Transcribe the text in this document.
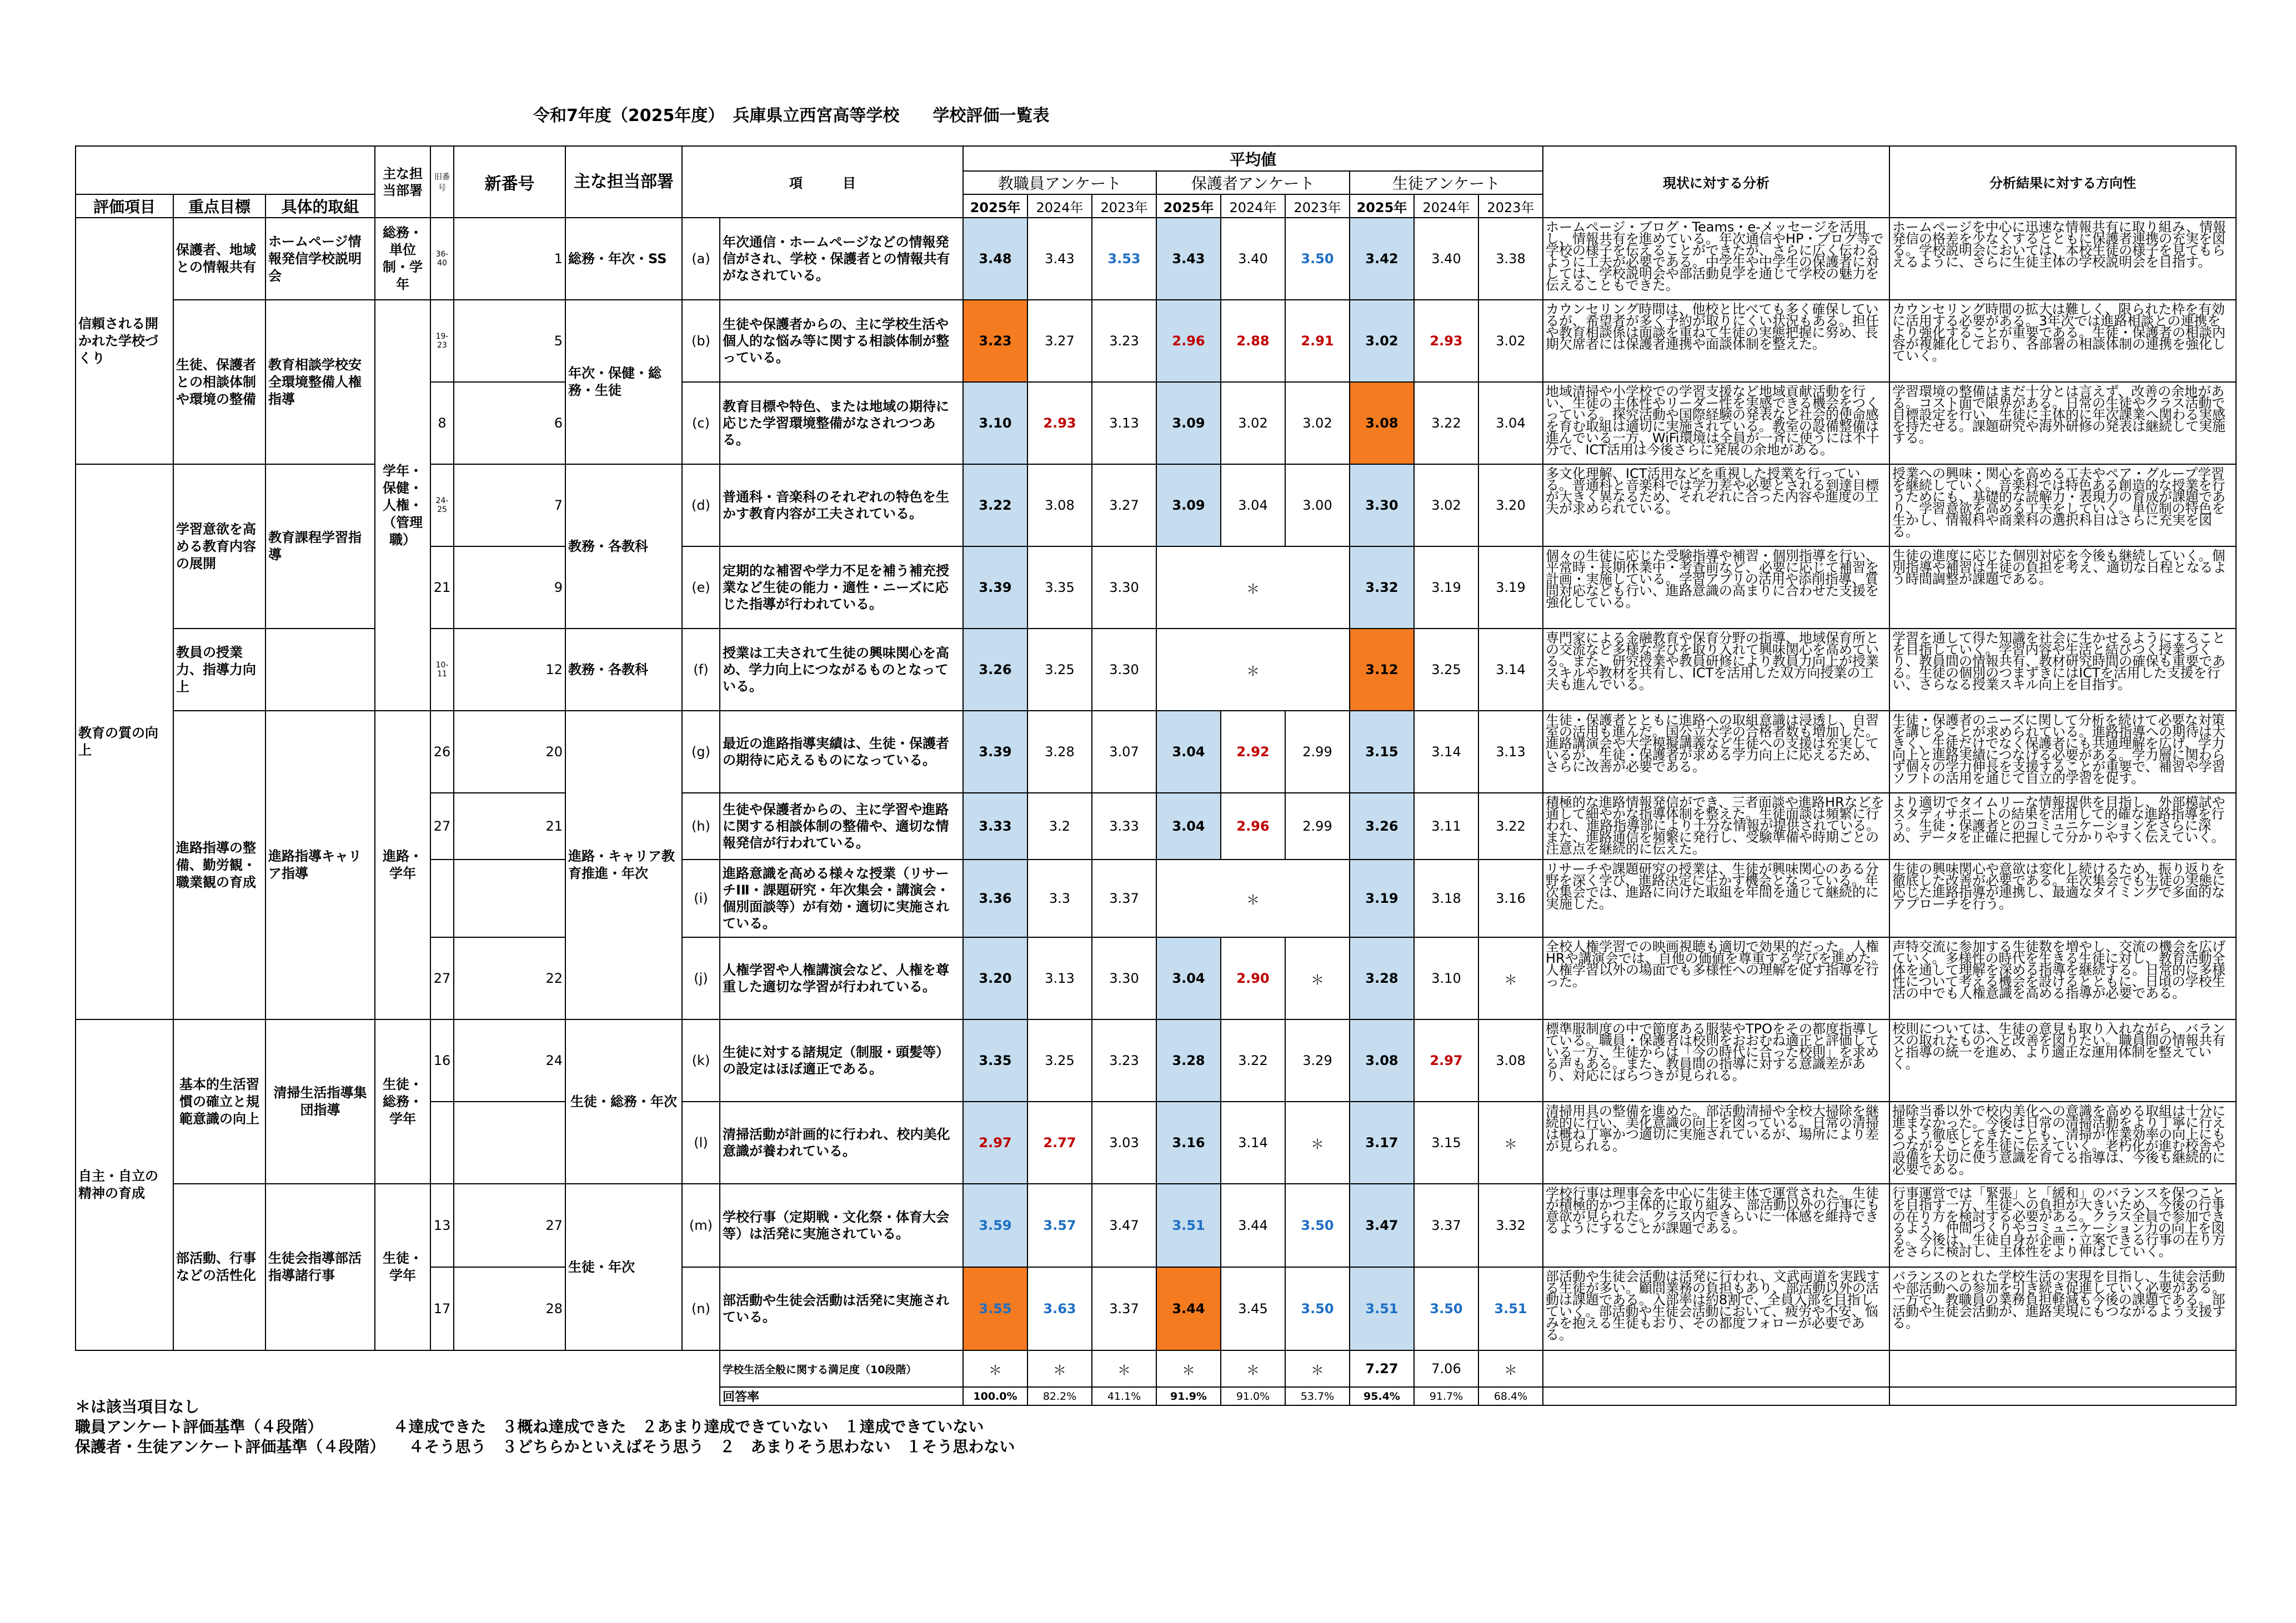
令和7年度（2025年度）　兵庫県立西宮高等学校　　学校評価一覧表
			主な担当部署	旧番号	新番号	主な担当部署	項　　　目		平均値									現状に対する分析	分析結果に対する方向性
									教職員アンケート			保護者アンケート			生徒アンケート				
評価項目	重点目標	具体的取組							2025年	2024年	2023年	2025年	2024年	2023年	2025年	2024年	2023年		
信頼される開かれた学校づくり	保護者、地域との情報共有	ホームページ情報発信学校説明会	総務・単位制・学年	36-40	1	総務・年次・SS	(a)	年次通信・ホームページなどの情報発信がされ、学校・保護者との情報共有がなされている。	3.48	3.43	3.53	3.43	3.40	3.50	3.42	3.40	3.38	ホームページ・ブログ・Teams・e-メッセージを活用し、情報共有を進めている。年次通信やHP・ブログ等で学校の様子を伝えることができたが、さらに広く伝わるように工夫が必要である。中学生や中学生の保護者に対しては、学校説明会や部活動見学を通じて学校の魅力を伝えることもできた。	ホームページを中心に迅速な情報共有に取り組み、情報発信の格差を少なくするとともに保護者連携の充実を図る。学校説明会においては、本校生徒の様子を見てもらえるように、さらに生徒主体の学校説明会を目指す。
	生徒、保護者との相談体制や環境の整備	教育相談学校安全環境整備人権指導	学年・保健・人権・（管理職）	19-23	5	年次・保健・総務・生徒	(b)	生徒や保護者からの、主に学校生活や個人的な悩み等に関する相談体制が整っている。	3.23	3.27	3.23	2.96	2.88	2.91	3.02	2.93	3.02	カウンセリング時間は、他校と比べても多く確保しているが、希望者が多く予約が取りにくい状況もある。担任や教育相談係は面談を重ねて生徒の実態把握に努め、長期欠席者には保護者連携や面談体制を整えた。	カウンセリング時間の拡大は難しく、限られた枠を有効に活用する必要がある。3年次では進路相談との連携をより強化することが重要である。生徒・保護者の相談内容が複雑化しており、各部署の相談体制の連携を強化していく。
				8	6		(c)	教育目標や特色、または地域の期待に応じた学習環境整備がなされつつある。	3.10	2.93	3.13	3.09	3.02	3.02	3.08	3.22	3.04	地域清掃や小学校での学習支援など地域貢献活動を行い、生徒の主体性やリーダー性を実感できる機会をつくっている。探究活動や国際経験の発表など社会的使命感を育む取組は適切に実施されている。教室の設備整備は進んでいる一方、WiFi環境は全員が一斉に使うには不十分で、ICT活用は今後さらに発展の余地がある。	学習環境の整備はまだ十分とは言えず、改善の余地がある。コスト面で限界がある。日常の生徒やクラス活動で目標設定を行い、生徒に主体的に年次課業へ関わる実感を持たせる。課題研究や海外研修の発表は継続して実施する。
教育の質の向上	学習意欲を高める教育内容の展開	教育課程学習指導		24-25	7	教務・各教科	(d)	普通科・音楽科のそれぞれの特色を生かす教育内容が工夫されている。	3.22	3.08	3.27	3.09	3.04	3.00	3.30	3.02	3.20	多文化理解、ICT活用などを重視した授業を行っている。普通科と音楽科では学力差や必要とされる到達目標が大きく異なるため、それぞれに合った内容や進度の工夫が求められている。	授業への興味・関心を高める工夫やペア・グループ学習を継続していく。音楽科では特色ある創造的な授業を行うためにも、基礎的な読解力・表現力の育成が課題であり、学習意欲を高める工夫をしていく。単位制の特色を生かし、情報科や商業科の選択科目はさらに充実を図る。
				21	9		(e)	定期的な補習や学力不足を補う補充授業など生徒の能力・適性・ニーズに応じた指導が行われている。	3.39	3.35	3.30	＊			3.32	3.19	3.19	個々の生徒に応じた受験指導や補習・個別指導を行い、平常時・長期休業中・考査前など、必要に応じて補習を計画・実施している。学習アプリの活用や添削指導、質問対応なども行い、進路意識の高まりに合わせた支援を強化している。	生徒の進度に応じた個別対応を今後も継続していく。個別指導や補習は生徒の負担を考え、適切な日程となるよう時間調整が課題である。
	教員の授業力、指導力向上			10-11	12	教務・各教科	(f)	授業は工夫されて生徒の興味関心を高め、学力向上につながるものとなっている。	3.26	3.25	3.30	＊			3.12	3.25	3.14	専門家による金融教育や保育分野の指導、地域保育所との交流など多様な学びを取り入れて興味関心を高めている。また、研究授業や教員研修により教員力向上が授業スキルや教材を共有し、ICTを活用した双方向授業の工夫も進んでいる。	学習を通して得た知識を社会に生かせるようにすることを目指していく。学習内容や生活と結びつく授業づくり、教員間の情報共有、教材研究時間の確保も重要である。生徒の個別のつまずきにはICTを活用した支援を行い、さらなる授業スキル向上を目指す。
	進路指導の整備、勤労観・職業観の育成	進路指導キャリア指導	進路・学年	26	20	進路・キャリア教育推進・年次	(g)	最近の進路指導実績は、生徒・保護者の期待に応えるものになっている。	3.39	3.28	3.07	3.04	2.92	2.99	3.15	3.14	3.13	生徒・保護者とともに進路への取組意識は浸透し、自習室の活用も進んだ。国公立大学の合格者数も増加した。進路講演会や大学模擬講義など生徒への支援は充実しているが、生徒・保護者が求める学力向上に応えるため、さらに改善が必要である。	生徒・保護者のニーズに関して分析を続けて必要な対策を講じることが求められている。進路指導への期待は大きく、生徒だけでなく保護者にも共通理解を広げ、学力向上と進路実績につなげる必要がある。学力層に関わらず個々の学力伸長を支援することが重要で、補習や学習ソフトの活用を通じて自立的学習を促す。
				27	21		(h)	生徒や保護者からの、主に学習や進路に関する相談体制の整備や、適切な情報発信が行われている。	3.33	3.2	3.33	3.04	2.96	2.99	3.26	3.11	3.22	積極的な進路情報発信ができ、三者面談や進路HRなどを通して細やかな指導体制を整えた。生徒面談は頻繁に行われ、進路指導部により十分な情報が提供されている。また、進路通信を頻繁に発行し、受験準備や時期ごとの注意点を継続的に伝えた。	より適切でタイムリーな情報提供を目指し、外部模試やスタディサポートの結果を活用して的確な進路指導を行う。生徒・保護者とのコミュニケーションをさらに深め、データを正確に把握して分かりやすく伝えていく。
							(i)	進路意識を高める様々な授業（リサーチⅠⅡ・課題研究・年次集会・講演会・個別面談等）が有効・適切に実施されている。	3.36	3.3	3.37	＊			3.19	3.18	3.16	リサーチや課題研究の授業は、生徒が興味関心のある分野を深く学び、進路決定に生かす機会となっている。年次集会では、進路に向けた取組を年間を通じて継続的に実施した。	生徒の興味関心や意欲は変化し続けるため、振り返りを徹底した改善が必要である。年次集会でも生徒の実態に応じた進路指導が連携し、最適なタイミングで多面的なアプローチを行う。
				27	22		(j)	人権学習や人権講演会など、人権を尊重した適切な学習が行われている。	3.20	3.13	3.30	3.04	2.90	＊	3.28	3.10	＊	全校人権学習での映画視聴も適切で効果的だった。人権HRや講演会では、自他の価値を尊重する学びを進めた。人権学習以外の場面でも多様性への理解を促す指導を行った。	声特交流に参加する生徒数を増やし、交流の機会を広げていく。多様性の時代を生きる生徒に対し、教育活動全体を通して理解を深める指導を継続する。日常的に多様性について考える機会を設けるとともに、日頃の学校生活の中でも人権意識を高める指導が必要である。
自主・自立の精神の育成	基本的生活習慣の確立と規範意識の向上	清掃生活指導集団指導	生徒・総務・学年	16	24	生徒・総務・年次	(k)	生徒に対する諸規定（制服・頭髪等）の設定はほぼ適正である。	3.35	3.25	3.23	3.28	3.22	3.29	3.08	2.97	3.08	標準服制度の中で節度ある服装やTPOをその都度指導している。職員・保護者は校則をおおむね適正と評価している一方、生徒からは「今の時代に合った校則」を求める声もある。また、教員間の指導に対する意識差があり、対応にばらつきが見られる。	校則については、生徒の意見も取り入れながら、バランスの取れたものへと改善を図りたい。職員間の情報共有と指導の統一を進め、より適正な運用体制を整えていく。
							(l)	清掃活動が計画的に行われ、校内美化意識が養われている。	2.97	2.77	3.03	3.16	3.14	＊	3.17	3.15	＊	清掃用具の整備を進めた。部活動清掃や全校大掃除を継続的に行い、美化意識の向上を図っている。日常の清掃は概ね丁寧かつ適切に実施されているが、場所により差が見られる。	掃除当番以外で校内美化への意識を高める取組は十分に進まなかった。今後は日常の清掃活動をより丁寧に行えるよう徹底してきたことも、清掃が作業効率の向上にもつながることを生徒に伝えていく。老朽化が進む校舎や設備を大切に使う意識を育てる指導は、今後も継続的に必要である。
	部活動、行事などの活性化	生徒会指導部活指導諸行事	生徒・学年	13	27	生徒・年次	(m)	学校行事（定期戦・文化祭・体育大会等）は活発に実施されている。	3.59	3.57	3.47	3.51	3.44	3.50	3.47	3.37	3.32	学校行事は理事会を中心に生徒主体で運営された。生徒が積極的かつ主体的に取り組み、部活動以外の行事にも意欲が見られた。クラス内できらいに一体感を維持できるようにすることが課題である。	行事運営では「緊張」と「緩和」のバランスを保つことを目指す一方、生徒への負担が大きいため、今後の行事の在り方を検討する必要がある。クラス全員で参加できるよう、仲間づくりやコミュニケーション力の向上を図る。今後は、生徒自身が企画・立案できる行事の在り方をさらに検討し、主体性をより伸ばしていく。
				17	28		(n)	部活動や生徒会活動は活発に実施されている。	3.55	3.63	3.37	3.44	3.45	3.50	3.51	3.50	3.51	部活動や生徒会活動は活発に行われ、文武両道を実践する生徒が多い。顧問業務の負担もあり、部活動以外の活動は課題である。入部率は約8割で、全員入部を目指していく。部活動や生徒会活動において、疲労や不安、悩みを抱える生徒もおり、その都度フォローが必要である。	バランスのとれた学校生活の実現を目指し、生徒会活動や部活動への参加を引き続き促進していく必要がある。一方で、教職員の業務負担軽減も今後の課題である。部活動や生徒会活動が、進路実現にもつながるよう支援する。
								学校生活全般に関する満足度（10段階）	＊	＊	＊	＊	＊	＊	7.27	7.06	＊		
								回答率	100.0%	82.2%	41.1%	91.9%	91.0%	53.7%	95.4%	91.7%	68.4%		
＊は該当項目なし
職員アンケート評価基準（４段階）　　　　　４達成できた　３概ね達成できた　２あまり達成できていない　１達成できていない
保護者・生徒アンケート評価基準（４段階）　　４そう思う　３どちらかといえばそう思う　２　あまりそう思わない　１そう思わない
